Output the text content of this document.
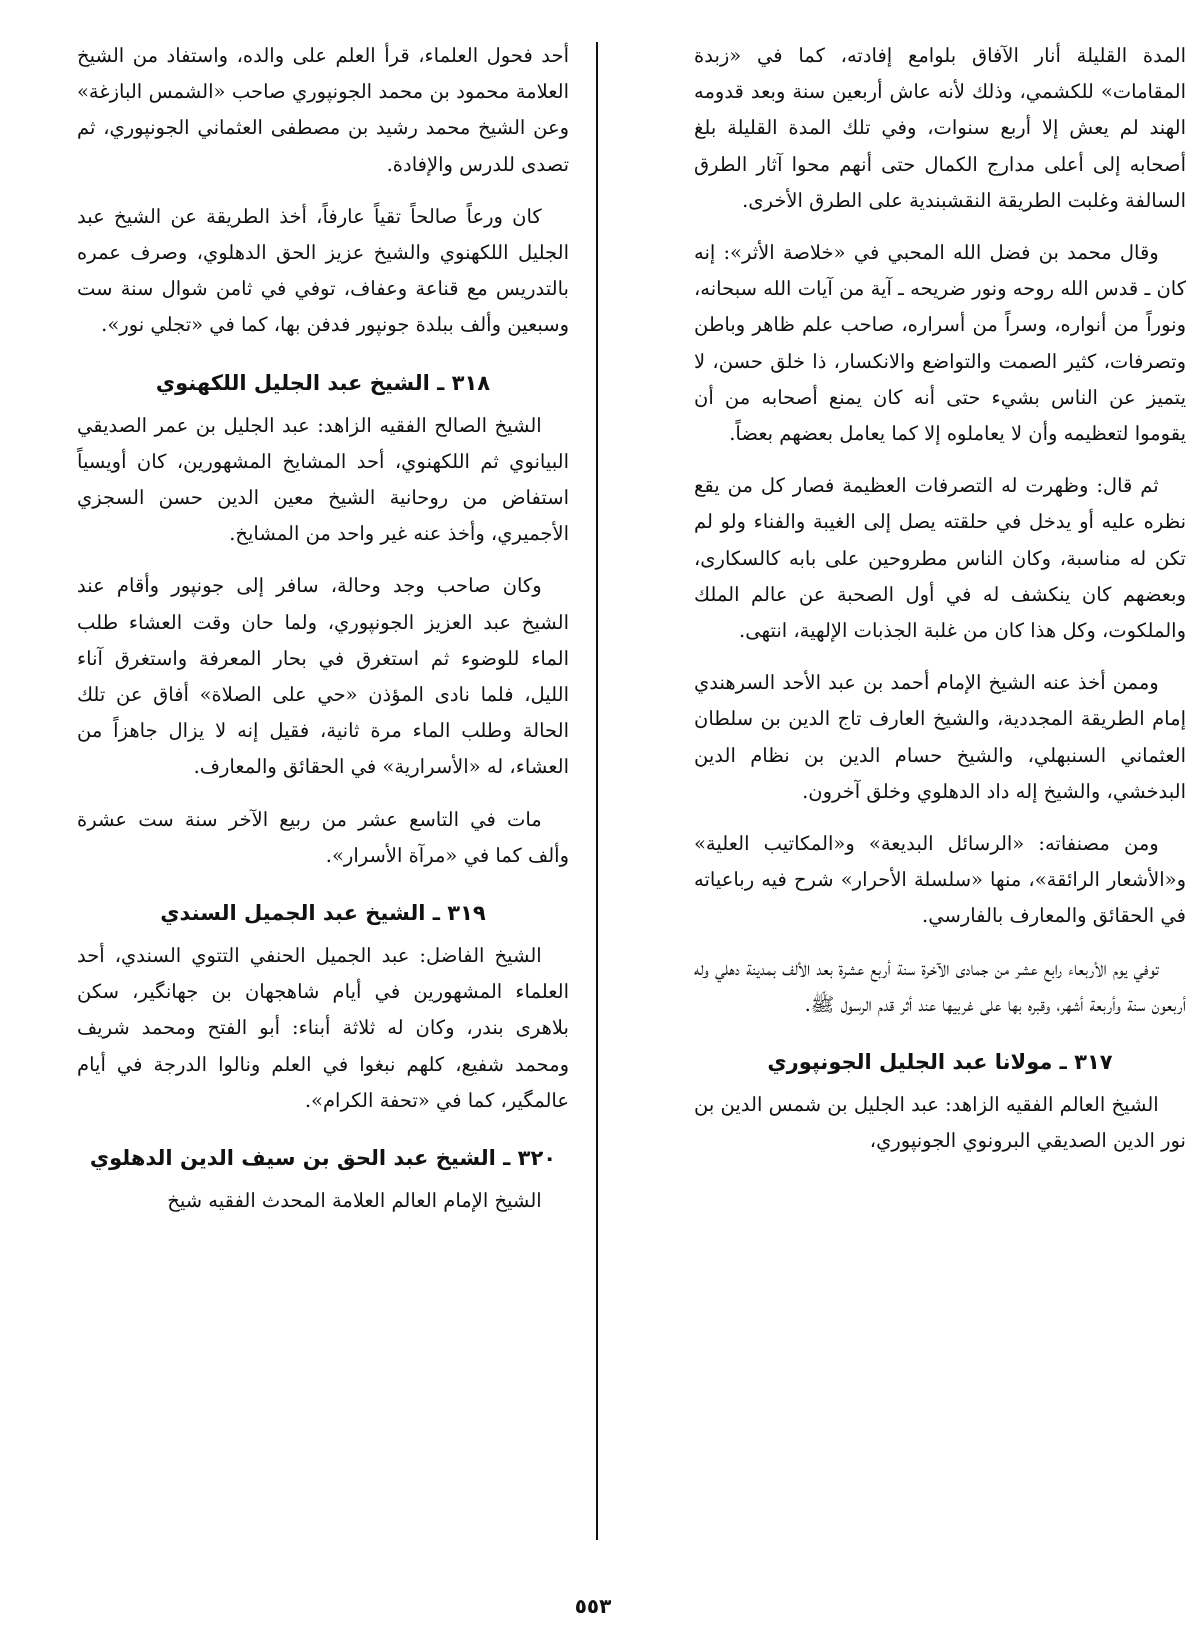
المدة القليلة أنار الآفاق بلوامع إفادته، كما في «زبدة المقامات» للكشمي، وذلك لأنه عاش أربعين سنة وبعد قدومه الهند لم يعش إلا أربع سنوات، وفي تلك المدة القليلة بلغ أصحابه إلى أعلى مدارج الكمال حتى أنهم محوا آثار الطرق السالفة وغلبت الطريقة النقشبندية على الطرق الأخرى.

وقال محمد بن فضل الله المحبي في «خلاصة الأثر»: إنه كان ـ قدس الله روحه ونور ضريحه ـ آية من آيات الله سبحانه، ونوراً من أنواره، وسراً من أسراره، صاحب علم ظاهر وباطن وتصرفات، كثير الصمت والتواضع والانكسار، ذا خلق حسن، لا يتميز عن الناس بشيء حتى أنه كان يمنع أصحابه من أن يقوموا لتعظيمه وأن لا يعاملوه إلا كما يعامل بعضهم بعضاً.

ثم قال: وظهرت له التصرفات العظيمة فصار كل من يقع نظره عليه أو يدخل في حلقته يصل إلى الغيبة والفناء ولو لم تكن له مناسبة، وكان الناس مطروحين على بابه كالسكارى، وبعضهم كان ينكشف له في أول الصحبة عن عالم الملك والملكوت، وكل هذا كان من غلبة الجذبات الإلهية، انتهى.

وممن أخذ عنه الشيخ الإمام أحمد بن عبد الأحد السرهندي إمام الطريقة المجددية، والشيخ العارف تاج الدين بن سلطان العثماني السنبهلي، والشيخ حسام الدين بن نظام الدين البدخشي، والشيخ إله داد الدهلوي وخلق آخرون.

ومن مصنفاته: «الرسائل البديعة» و«المكاتيب العلية» و«الأشعار الرائقة»، منها «سلسلة الأحرار» شرح فيه رباعياته في الحقائق والمعارف بالفارسي.

توفي يوم الأربعاء رابع عشر من جمادى الآخرة سنة أربع عشرة بعد الألف بمدينة دهلي وله أربعون سنة وأربعة أشهر، وقبره بها على غربيها عند أثر قدم الرسول ﷺ.

٣١٧ ـ مولانا عبد الجليل الجونپوري

الشيخ العالم الفقيه الزاهد: عبد الجليل بن شمس الدين بن نور الدين الصديقي البرونوي الجونپوري،

أحد فحول العلماء، قرأ العلم على والده، واستفاد من الشيخ العلامة محمود بن محمد الجونپوري صاحب «الشمس البازغة» وعن الشيخ محمد رشيد بن مصطفى العثماني الجونپوري، ثم تصدى للدرس والإفادة.

كان ورعاً صالحاً تقياً عارفاً، أخذ الطريقة عن الشيخ عبد الجليل اللكهنوي والشيخ عزيز الحق الدهلوي، وصرف عمره بالتدريس مع قناعة وعفاف، توفي في ثامن شوال سنة ست وسبعين وألف ببلدة جونپور فدفن بها، كما في «تجلي نور».

٣١٨ ـ الشيخ عبد الجليل اللكهنوي

الشيخ الصالح الفقيه الزاهد: عبد الجليل بن عمر الصديقي البيانوي ثم اللكهنوي، أحد المشايخ المشهورين، كان أويسياً استفاض من روحانية الشيخ معين الدين حسن السجزي الأجميري، وأخذ عنه غير واحد من المشايخ.

وكان صاحب وجد وحالة، سافر إلى جونپور وأقام عند الشيخ عبد العزيز الجونپوري، ولما حان وقت العشاء طلب الماء للوضوء ثم استغرق في بحار المعرفة واستغرق آناء الليل، فلما نادى المؤذن «حي على الصلاة» أفاق عن تلك الحالة وطلب الماء مرة ثانية، فقيل إنه لا يزال جاهزاً من العشاء، له «الأسرارية» في الحقائق والمعارف.

مات في التاسع عشر من ربيع الآخر سنة ست عشرة وألف كما في «مرآة الأسرار».

٣١٩ ـ الشيخ عبد الجميل السندي

الشيخ الفاضل: عبد الجميل الحنفي التتوي السندي، أحد العلماء المشهورين في أيام شاهجهان بن جهانگير، سكن بلاهرى بندر، وكان له ثلاثة أبناء: أبو الفتح ومحمد شريف ومحمد شفيع، كلهم نبغوا في العلم ونالوا الدرجة في أيام عالمگير، كما في «تحفة الكرام».

٣٢٠ ـ الشيخ عبد الحق بن سيف الدين الدهلوي

الشيخ الإمام العالم العلامة المحدث الفقيه شيخ

٥٥٣
